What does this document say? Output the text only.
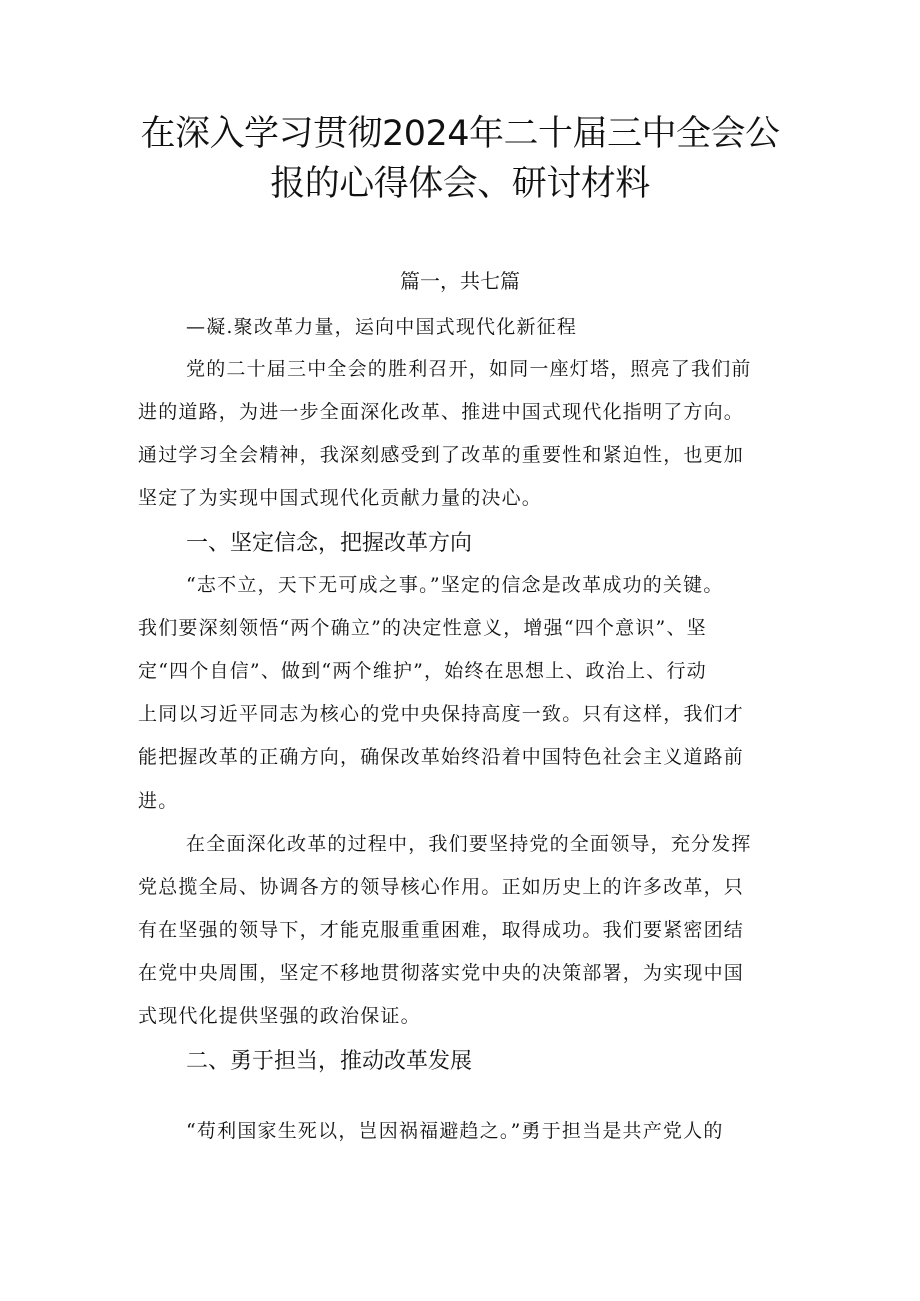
在深入学习贯彻2024年二十届三中全会公
报的心得体会、研讨材料
篇一，共七篇
—凝.聚改革力量，运向中国式现代化新征程
党的二十届三中全会的胜利召开，如同一座灯塔，照亮了我们前
进的道路，为进一步全面深化改革、推进中国式现代化指明了方向。
通过学习全会精神，我深刻感受到了改革的重要性和紧迫性，也更加
坚定了为实现中国式现代化贡献力量的决心。
一、坚定信念，把握改革方向
“志不立，天下无可成之事。”坚定的信念是改革成功的关键。
我们要深刻领悟“两个确立”的决定性意义，增强“四个意识”、坚
定“四个自信”、做到“两个维护”，始终在思想上、政治上、行动
上同以习近平同志为核心的党中央保持高度一致。只有这样，我们才
能把握改革的正确方向，确保改革始终沿着中国特色社会主义道路前
进。
在全面深化改革的过程中，我们要坚持党的全面领导，充分发挥
党总揽全局、协调各方的领导核心作用。正如历史上的许多改革，只
有在坚强的领导下，才能克服重重困难，取得成功。我们要紧密团结
在党中央周围，坚定不移地贯彻落实党中央的决策部署，为实现中国
式现代化提供坚强的政治保证。
二、勇于担当，推动改革发展
“苟利国家生死以，岂因祸福避趋之。”勇于担当是共产党人的
